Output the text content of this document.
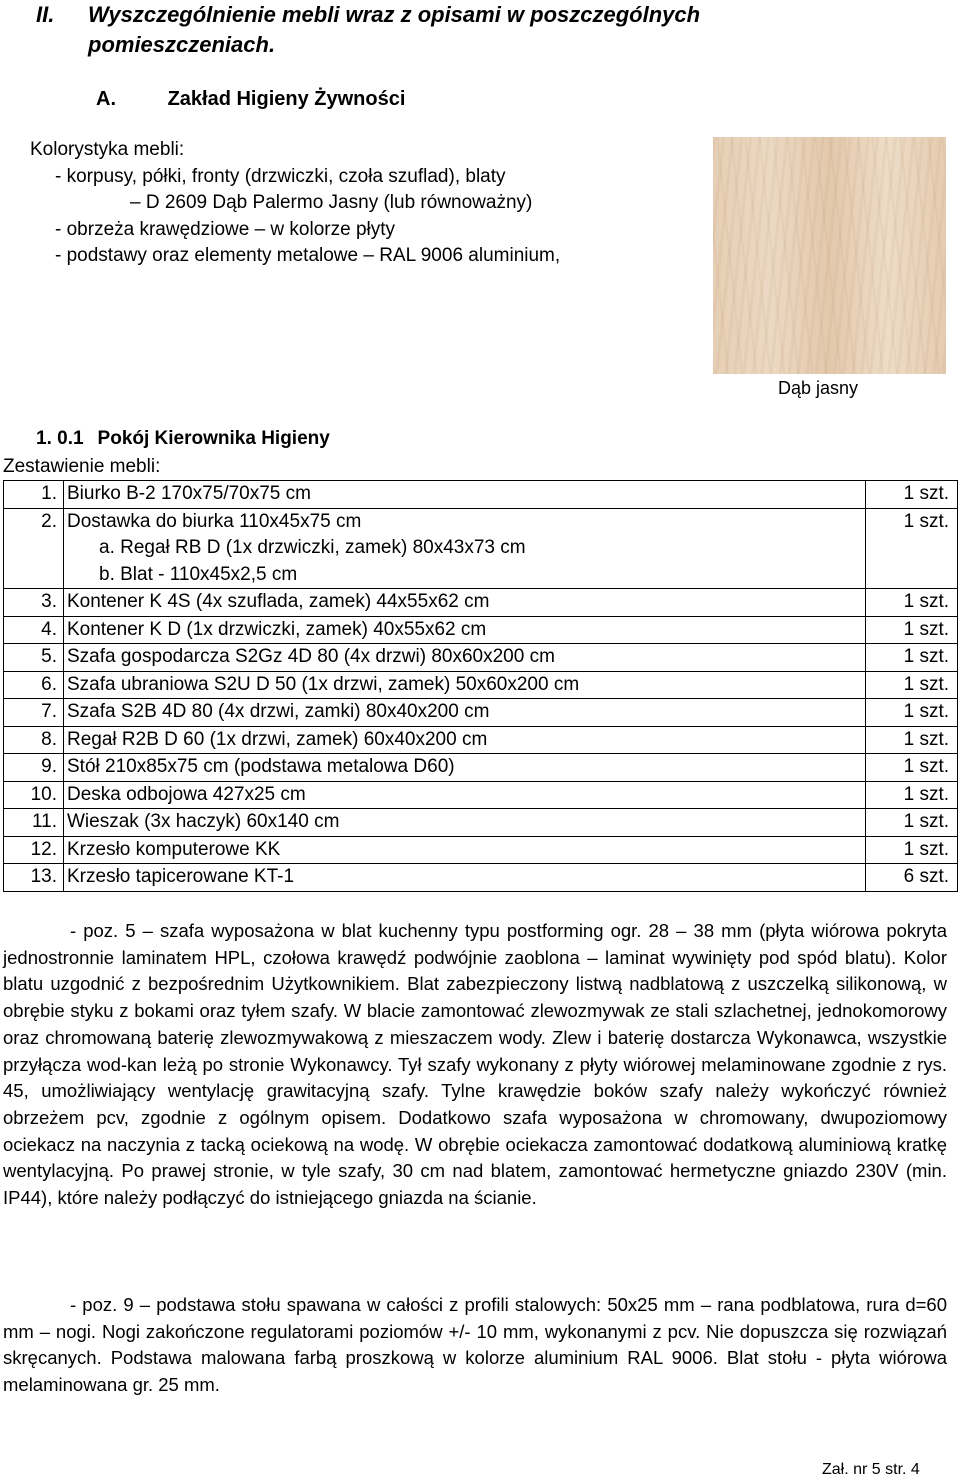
II. Wyszczególnienie mebli wraz z opisami w poszczególnych pomieszczeniach.
A.	Zakład Higieny Żywności
Kolorystyka mebli:
- korpusy, półki, fronty (drzwiczki, czoła szuflad), blaty
– D 2609 Dąb Palermo Jasny (lub równoważny)
- obrzeża krawędziowe – w kolorze płyty
- podstawy oraz elementy metalowe – RAL 9006 aluminium,
Dąb jasny
1. 0.1 Pokój Kierownika Higieny
Zestawienie mebli:
1.	Biurko B-2 170x75/70x75 cm	1 szt.
2.	Dostawka do biurka 110x45x75 cm
a. Regał RB D (1x drzwiczki, zamek) 80x43x73 cm
b. Blat - 110x45x2,5 cm	1 szt.
3.	Kontener K 4S (4x szuflada, zamek) 44x55x62 cm	1 szt.
4.	Kontener K D (1x drzwiczki, zamek) 40x55x62 cm	1 szt.
5.	Szafa gospodarcza S2Gz 4D 80 (4x drzwi) 80x60x200 cm	1 szt.
6.	Szafa ubraniowa S2U D 50 (1x drzwi, zamek) 50x60x200 cm	1 szt.
7.	Szafa S2B 4D 80 (4x drzwi, zamki) 80x40x200 cm	1 szt.
8.	Regał R2B D 60 (1x drzwi, zamek) 60x40x200 cm	1 szt.
9.	Stół 210x85x75 cm (podstawa metalowa D60)	1 szt.
10.	Deska odbojowa 427x25 cm	1 szt.
11.	Wieszak (3x haczyk) 60x140 cm	1 szt.
12.	Krzesło komputerowe KK	1 szt.
13.	Krzesło tapicerowane KT-1	6 szt.
- poz. 5 – szafa wyposażona w blat kuchenny typu postforming ogr. 28 – 38 mm (płyta wiórowa pokryta jednostronnie laminatem HPL, czołowa krawędź podwójnie zaoblona – laminat wywinięty pod spód blatu). Kolor blatu uzgodnić z bezpośrednim Użytkownikiem. Blat zabezpieczony listwą nadblatową z uszczelką silikonową, w obrębie styku z bokami oraz tyłem szafy. W blacie zamontować zlewozmywak ze stali szlachetnej, jednokomorowy oraz chromowaną baterię zlewozmywakową z mieszaczem wody. Zlew i baterię dostarcza Wykonawca, wszystkie przyłącza wod-kan leżą po stronie Wykonawcy. Tył szafy wykonany z płyty wiórowej melaminowane zgodnie z rys. 45, umożliwiający wentylację grawitacyjną szafy. Tylne krawędzie boków szafy należy wykończyć również obrzeżem pcv, zgodnie z ogólnym opisem. Dodatkowo szafa wyposażona w chromowany, dwupoziomowy ociekacz na naczynia z tacką ociekową na wodę. W obrębie ociekacza zamontować dodatkową aluminiową kratkę wentylacyjną. Po prawej stronie, w tyle szafy, 30 cm nad blatem, zamontować hermetyczne gniazdo 230V (min. IP44), które należy podłączyć do istniejącego gniazda na ścianie.
- poz. 9 – podstawa stołu spawana w całości z profili stalowych: 50x25 mm – rana podblatowa, rura d=60 mm – nogi. Nogi zakończone regulatorami poziomów +/- 10 mm, wykonanymi z pcv. Nie dopuszcza się rozwiązań skręcanych. Podstawa malowana farbą proszkową w kolorze aluminium RAL 9006. Blat stołu - płyta wiórowa melaminowana gr. 25 mm.
Zał. nr 5 str. 4
